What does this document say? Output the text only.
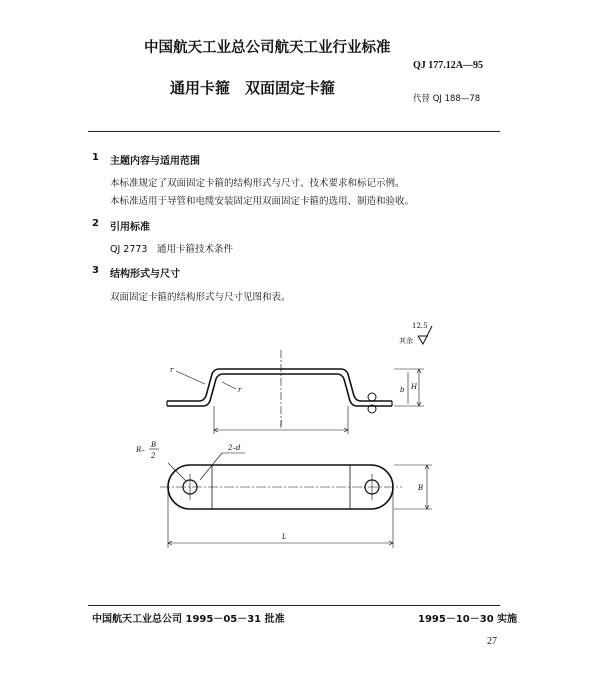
中国航天工业总公司航天工业行业标准
QJ 177.12A—95
通用卡箍　双面固定卡箍
代替 QJ 188—78
1 主题内容与适用范围
本标准规定了双面固定卡箍的结构形式与尺寸、技术要求和标记示例。
本标准适用于导管和电缆安装固定用双面固定卡箍的选用、制造和验收。
2 引用标准
QJ 2773　通用卡箍技术条件
3 结构形式与尺寸
双面固定卡箍的结构形式与尺寸见图和表。
12.5
其余
r
r	b H
l
R–
B
2
2–d
B
L
中国航天工业总公司 1995－05－31 批准	1995－10－30 实施
27
